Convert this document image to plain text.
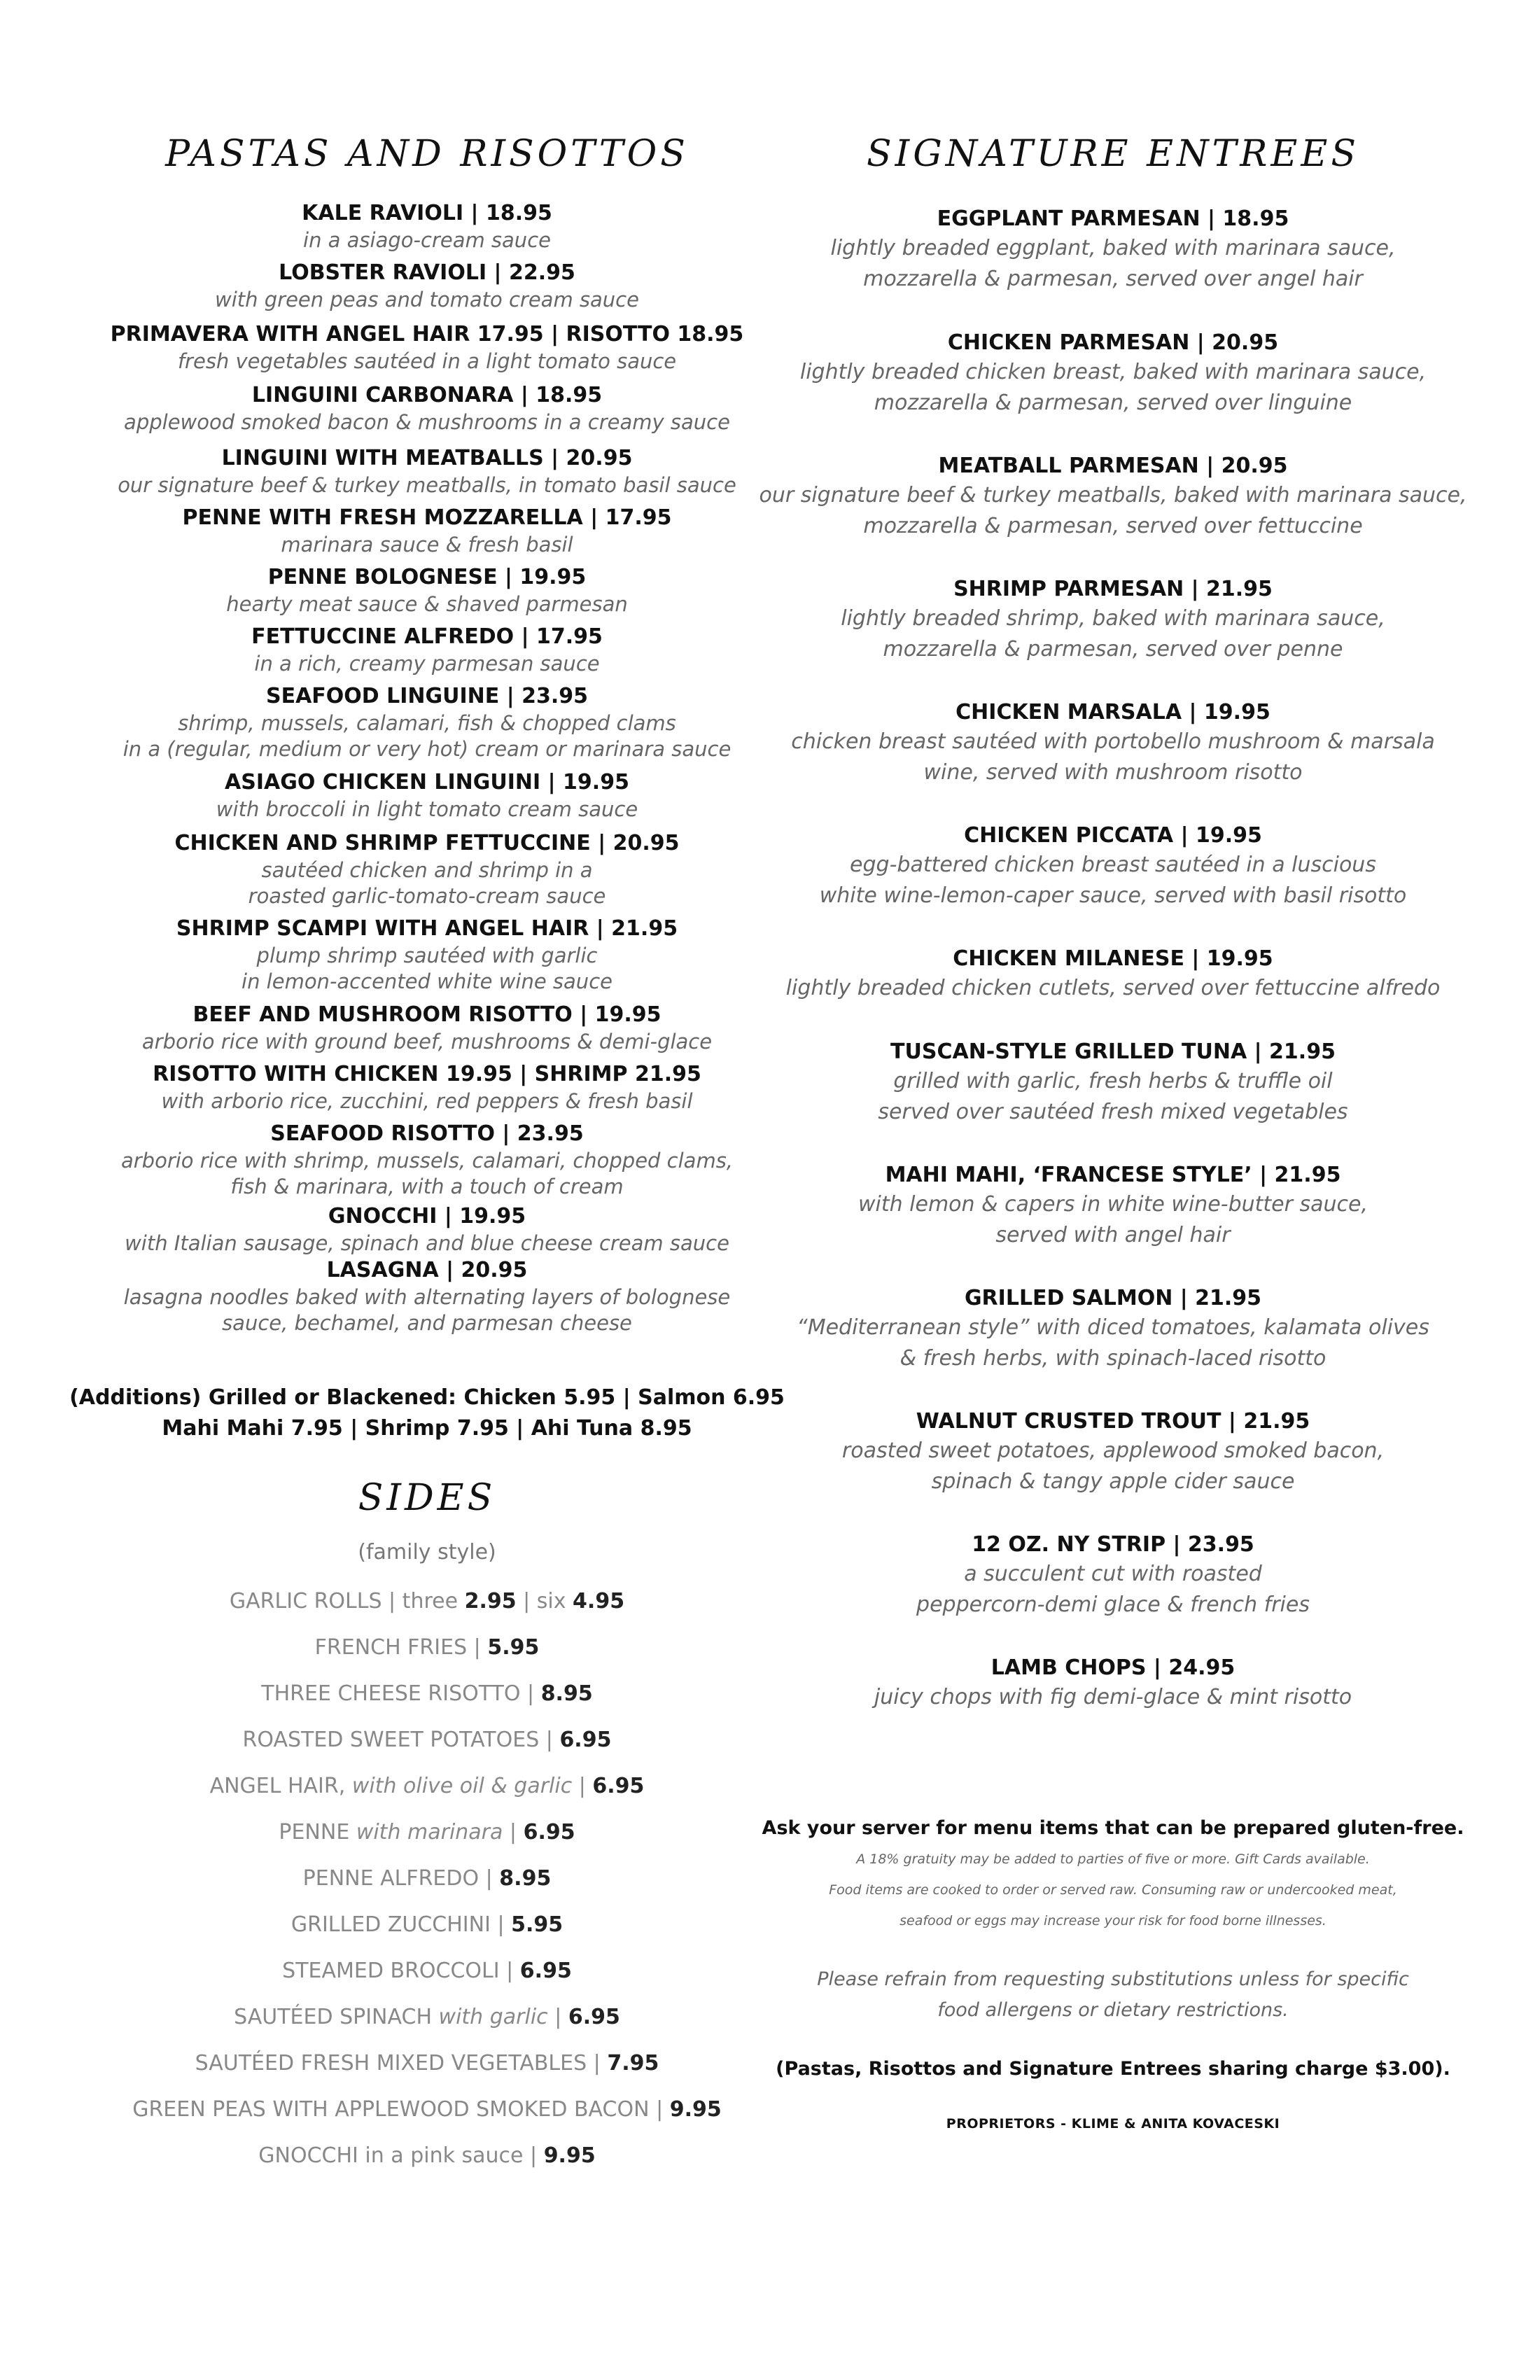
PASTAS AND RISOTTOS
KALE RAVIOLI | 18.95
in a asiago-cream sauce
LOBSTER RAVIOLI | 22.95
with green peas and tomato cream sauce
PRIMAVERA WITH ANGEL HAIR 17.95 | RISOTTO 18.95
fresh vegetables sautéed in a light tomato sauce
LINGUINI CARBONARA | 18.95
applewood smoked bacon & mushrooms in a creamy sauce
LINGUINI WITH MEATBALLS | 20.95
our signature beef & turkey meatballs, in tomato basil sauce
PENNE WITH FRESH MOZZARELLA | 17.95
marinara sauce & fresh basil
PENNE BOLOGNESE | 19.95
hearty meat sauce & shaved parmesan
FETTUCCINE ALFREDO | 17.95
in a rich, creamy parmesan sauce
SEAFOOD LINGUINE | 23.95
shrimp, mussels, calamari, fish & chopped clams
in a (regular, medium or very hot) cream or marinara sauce
ASIAGO CHICKEN LINGUINI | 19.95
with broccoli in light tomato cream sauce
CHICKEN AND SHRIMP FETTUCCINE | 20.95
sautéed chicken and shrimp in a
roasted garlic-tomato-cream sauce
SHRIMP SCAMPI WITH ANGEL HAIR | 21.95
plump shrimp sautéed with garlic
in lemon-accented white wine sauce
BEEF AND MUSHROOM RISOTTO | 19.95
arborio rice with ground beef, mushrooms & demi-glace
RISOTTO WITH CHICKEN 19.95 | SHRIMP 21.95
with arborio rice, zucchini, red peppers & fresh basil
SEAFOOD RISOTTO | 23.95
arborio rice with shrimp, mussels, calamari, chopped clams,
fish & marinara, with a touch of cream
GNOCCHI | 19.95
with Italian sausage, spinach and blue cheese cream sauce
LASAGNA | 20.95
lasagna noodles baked with alternating layers of bolognese
sauce, bechamel, and parmesan cheese
(Additions) Grilled or Blackened: Chicken 5.95 | Salmon 6.95
Mahi Mahi 7.95 | Shrimp 7.95 | Ahi Tuna 8.95
SIDES
(family style)
GARLIC ROLLS | three 2.95 | six 4.95
FRENCH FRIES | 5.95
THREE CHEESE RISOTTO | 8.95
ROASTED SWEET POTATOES | 6.95
ANGEL HAIR, with olive oil & garlic | 6.95
PENNE with marinara | 6.95
PENNE ALFREDO | 8.95
GRILLED ZUCCHINI | 5.95
STEAMED BROCCOLI | 6.95
SAUTÉED SPINACH with garlic | 6.95
SAUTÉED FRESH MIXED VEGETABLES | 7.95
GREEN PEAS WITH APPLEWOOD SMOKED BACON | 9.95
GNOCCHI in a pink sauce | 9.95
SIGNATURE ENTREES
EGGPLANT PARMESAN | 18.95
lightly breaded eggplant, baked with marinara sauce,
mozzarella & parmesan, served over angel hair
CHICKEN PARMESAN | 20.95
lightly breaded chicken breast, baked with marinara sauce,
mozzarella & parmesan, served over linguine
MEATBALL PARMESAN | 20.95
our signature beef & turkey meatballs, baked with marinara sauce,
mozzarella & parmesan, served over fettuccine
SHRIMP PARMESAN | 21.95
lightly breaded shrimp, baked with marinara sauce,
mozzarella & parmesan, served over penne
CHICKEN MARSALA | 19.95
chicken breast sautéed with portobello mushroom & marsala
wine, served with mushroom risotto
CHICKEN PICCATA | 19.95
egg-battered chicken breast sautéed in a luscious
white wine-lemon-caper sauce, served with basil risotto
CHICKEN MILANESE | 19.95
lightly breaded chicken cutlets, served over fettuccine alfredo
TUSCAN-STYLE GRILLED TUNA | 21.95
grilled with garlic, fresh herbs & truffle oil
served over sautéed fresh mixed vegetables
MAHI MAHI, ‘FRANCESE STYLE’ | 21.95
with lemon & capers in white wine-butter sauce,
served with angel hair
GRILLED SALMON | 21.95
“Mediterranean style” with diced tomatoes, kalamata olives
& fresh herbs, with spinach-laced risotto
WALNUT CRUSTED TROUT | 21.95
roasted sweet potatoes, applewood smoked bacon,
spinach & tangy apple cider sauce
12 OZ. NY STRIP | 23.95
a succulent cut with roasted
peppercorn-demi glace & french fries
LAMB CHOPS | 24.95
juicy chops with fig demi-glace & mint risotto
Ask your server for menu items that can be prepared gluten-free.
A 18% gratuity may be added to parties of five or more. Gift Cards available.
Food items are cooked to order or served raw. Consuming raw or undercooked meat,
seafood or eggs may increase your risk for food borne illnesses.
Please refrain from requesting substitutions unless for specific
food allergens or dietary restrictions.
(Pastas, Risottos and Signature Entrees sharing charge $3.00).
PROPRIETORS - KLIME & ANITA KOVACESKI
